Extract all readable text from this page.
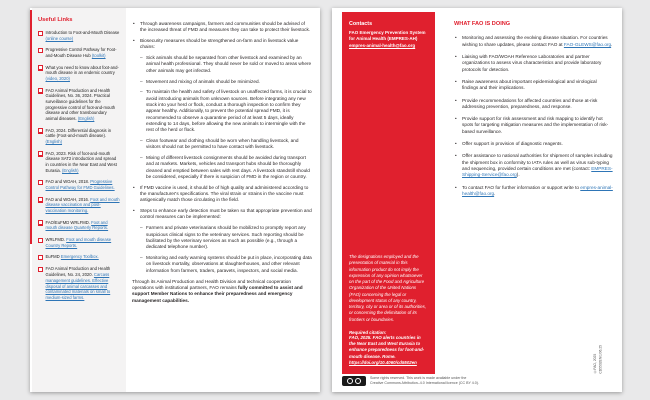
Useful Links
Introduction to Foot-and-Mouth Disease (online course)
Progressive Control Pathway for Foot-and-Mouth Disease Hub (toolkit)
What you need to know about foot-and-mouth disease in an endemic country (video, 2020)
FAO Animal Production and Health Guidelines, No. 36, 2024. Practical surveillance guidelines for the progressive control of foot-and-mouth disease and other transboundary animal diseases. (English)
FAO, 2024. Differential diagnosis in cattle (Foot-and-mouth disease). (English)
FAO, 2023. Risk of foot-and-mouth disease SAT2 introduction and spread in countries in the Near East and West Eurasia. (English)
FAO and WOAH, 2018. Progressive Control Pathway for FMD Guidelines.
FAO and WOAH, 2016. Foot and mouth disease vaccination and post-vaccination monitoring.
FAO/EuFMD WRLFMD. Foot and mouth disease Quarterly Reports.
WRLFMD. Foot and mouth disease Country Reports.
EuFMD Emergency Toolbox.
FAO Animal Production and Health Guidelines, No. 24, 2020. Carcass management guidelines. Effective disposal of animal carcasses and contaminated materials on small to medium-sized farms.
• Through awareness campaigns, farmers and communities should be advised of the increased threat of FMD and measures they can take to protect their livestock.
• Biosecurity measures should be strengthened on-farm and in livestock value chains:
– Sick animals should be separated from other livestock and examined by an animal health professional. They should never be sold or moved to areas where other animals may get infected.
– Movement and mixing of animals should be minimized.
– To maintain the health and safety of livestock on unaffected farms, it is crucial to avoid introducing animals from unknown sources. Before integrating any new stock into your herd or flock, conduct a thorough inspection to confirm they appear healthy. Additionally, to prevent the potential spread FMD, it is recommended to observe a quarantine period of at least 5 days, ideally extending to 14 days, before allowing the new animals to intermingle with the rest of the herd or flock.
– Clean footwear and clothing should be worn when handling livestock, and visitors should not be permitted to have contact with livestock.
– Mixing of different livestock consignments should be avoided during transport and at markets. Markets, vehicles and transport hubs should be thoroughly cleaned and emptied between sales with rest days. A livestock standstill should be considered, especially if there is suspicion of FMD in the region or country.
• If FMD vaccine is used, it should be of high quality and administered according to the manufacturer's specifications. The viral strain or strains in the vaccine must antigenically match those circulating in the field.
• Steps to enhance early detection must be taken so that appropriate prevention and control measures can be implemented:
– Farmers and private veterinarians should be mobilized to promptly report any suspicious clinical signs to the veterinary services. Such reporting should be facilitated by the veterinary services as much as possible (e.g., through a dedicated telephone number).
– Monitoring and early warning systems should be put in place, incorporating data on livestock mortality, observations at slaughterhouses, and other relevant information from farmers, traders, paravets, inspectors, and social media.
Through its Animal Production and Health Division and technical cooperation operations with institutional partners, FAO remains fully committed to assist and support Member Nations to enhance their preparedness and emergency management capabilities.
Contacts
FAO Emergency Prevention System for Animal Health (EMPRES-AH)
empres-animal-health@fao.org
The designations employed and the presentation of material in this information product do not imply the expression of any opinion whatsoever on the part of the Food and Agriculture Organization of the United Nations (FAO) concerning the legal or development status of any country, territory, city or area or of its authorities, or concerning the delimitation of its frontiers or boundaries.
Required citation:
FAO, 2025. FAO alerts countries in the Near East and West Eurasia to enhance preparedness for foot-and-mouth disease. Rome. https://doi.org/10.4060/cd5502en
WHAT FAO IS DOING
• Monitoring and assessing the evolving disease situation. For countries wishing to share updates, please contact FAO at FAO-GLEWS@fao.org.
• Liaising with FAO/WOAH Reference Laboratories and partner organizations to assess virus characteristics and provide laboratory protocols for detection.
• Raise awareness about important epidemiological and virological findings and their implications.
• Provide recommendations for affected countries and those at-risk addressing prevention, preparedness, and response.
• Provide support for risk assessment and risk mapping to identify hot spots for targeting mitigation measures and the implementation of risk-based surveillance.
• Offer support in provision of diagnostic reagents.
• Offer assistance to national authorities for shipment of samples including the shipment box in conformity to IATA rules as well as virus sub-typing and sequencing, provided certain conditions are met (contact: EMPRES-Shipping-Service@fao.org).
• To contact FAO for further information or support write to empres-animal-health@fao.org.
Some rights reserved. This work is made available under the
Creative Commons Attribution–4.0 International licence (CC BY 4.0).
©FAO, 2025 CD5502EN/1/06.25
